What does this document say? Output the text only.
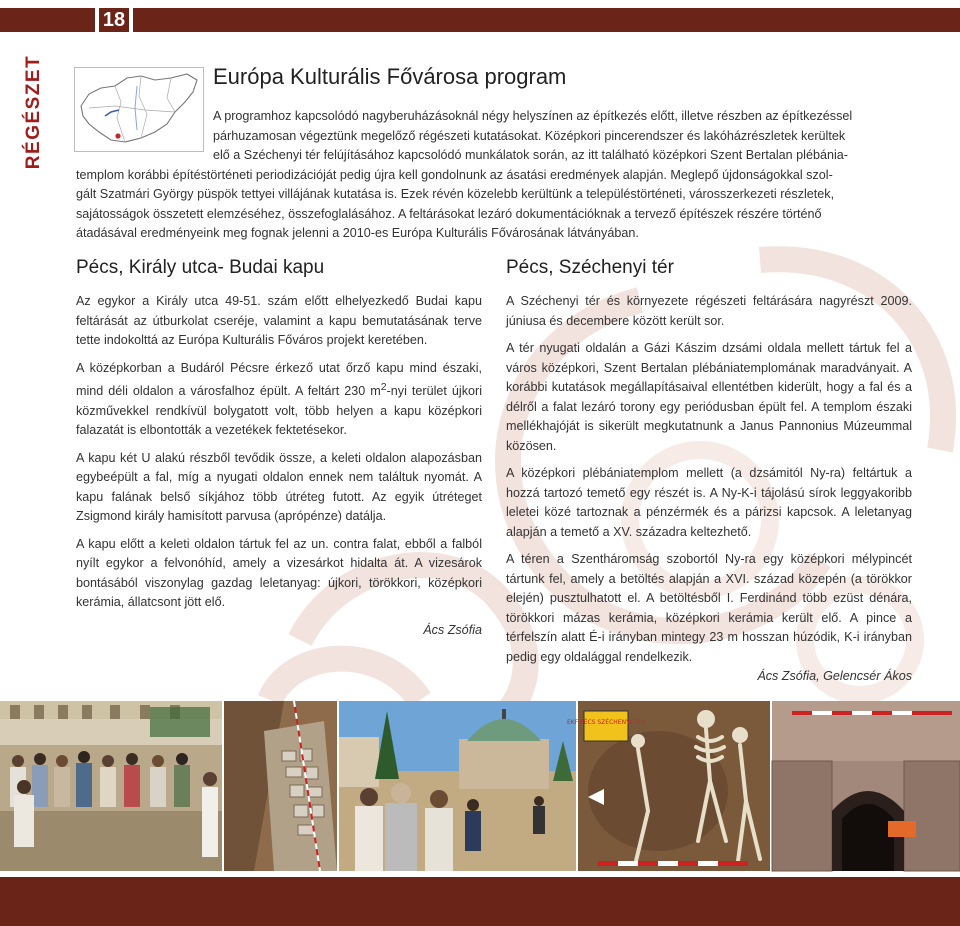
18
RÉGÉSZET	Európa Kulturális Fővárosa program
A programhoz kapcsolódó nagyberuházásoknál négy helyszínen az építkezés előtt, illetve részben az építkezéssel
párhuzamosan végeztünk megelőző régészeti kutatásokat. Középkori pincerendszer és lakóházrészletek kerültek
elő a Széchenyi tér felújításához kapcsolódó munkálatok során, az itt található középkori Szent Bertalan plébánia-
templom korábbi építéstörténeti periodizációját pedig újra kell gondolnunk az ásatási eredmények alapján. Meglepő újdonságokkal szol-
gált Szatmári György püspök tettyei villájának kutatása is. Ezek révén közelebb kerültünk a településtörténeti, városszerkezeti részletek,
sajátosságok összetett elemzéséhez, összefoglalásához. A feltárásokat lezáró dokumentációknak a tervező építészek részére történő
átadásával eredményeink meg fognak jelenni a 2010-es Európa Kulturális Fővárosának látványában.
Pécs, Király utca- Budai kapu

Az egykor a Király utca 49-51. szám előtt elhelyezkedő Budai kapu feltárását az útburkolat cseréje, valamint a kapu bemutatásának terve tette indokolttá az Európa Kulturális Főváros projekt keretében.

A középkorban a Budáról Pécsre érkező utat őrző kapu mind északi, mind déli oldalon a városfalhoz épült. A feltárt 230 $m^2$-nyi terület újkori közművekkel rendkívül bolygatott volt, több helyen a kapu középkori falazatát is elbontották a vezetékek fektetésekor.

A kapu két U alakú részből tevődik össze, a keleti oldalon alapozásban egybeépült a fal, míg a nyugati oldalon ennek nem találtuk nyomát. A kapu falának belső síkjához több útréteg futott. Az egyik útréteget Zsigmond király hamisított parvusa (aprópénze) datálja.

A kapu előtt a keleti oldalon tártuk fel az un. contra falat, ebből a falból nyílt egykor a felvonóhíd, amely a vizesárkot hidalta át. A vizesárok bontásából viszonylag gazdag leletanyag: újkori, törökkori, középkori kerámia, állatcsont jött elő.

Ács Zsófia

Pécs, Széchenyi tér

A Széchenyi tér és környezete régészeti feltárására nagyrészt 2009. júniusa és decembere között került sor.

A tér nyugati oldalán a Gázi Kászim dzsámi oldala mellett tártuk fel a város középkori, Szent Bertalan plébániatemplomának maradványait. A korábbi kutatások megállapításaival ellentétben kiderült, hogy a fal és a délről a falat lezáró torony egy periódusban épült fel. A templom északi mellékhajóját is sikerült megkutatnunk a Janus Pannonius Múzeummal közösen.

A középkori plébániatemplom mellett (a dzsámitól Ny-ra) feltártuk a hozzá tartozó temető egy részét is. A Ny-K-i tájolású sírok leggyakoribb leletei közé tartoznak a pénzérmék és a párizsi kapcsok. A leletanyag alapján a temető a XV. századra keltezhető.

A téren a Szentháromság szobortól Ny-ra egy középkori mélypincét tártunk fel, amely a betöltés alapján a XVI. század közepén (a törökkor elején) pusztulhatott el. A betöltésből I. Ferdinánd több ezüst dénára, törökkori mázas kerámia, középkori kerámia került elő. A pince a térfelszín alatt É-i irányban mintegy 23 m hosszan húzódik, K-i irányban pedig egy oldalággal rendelkezik.

Ács Zsófia, Gelencsér Ákos

EKF PÉCS SZÉCHENYI TÉR
